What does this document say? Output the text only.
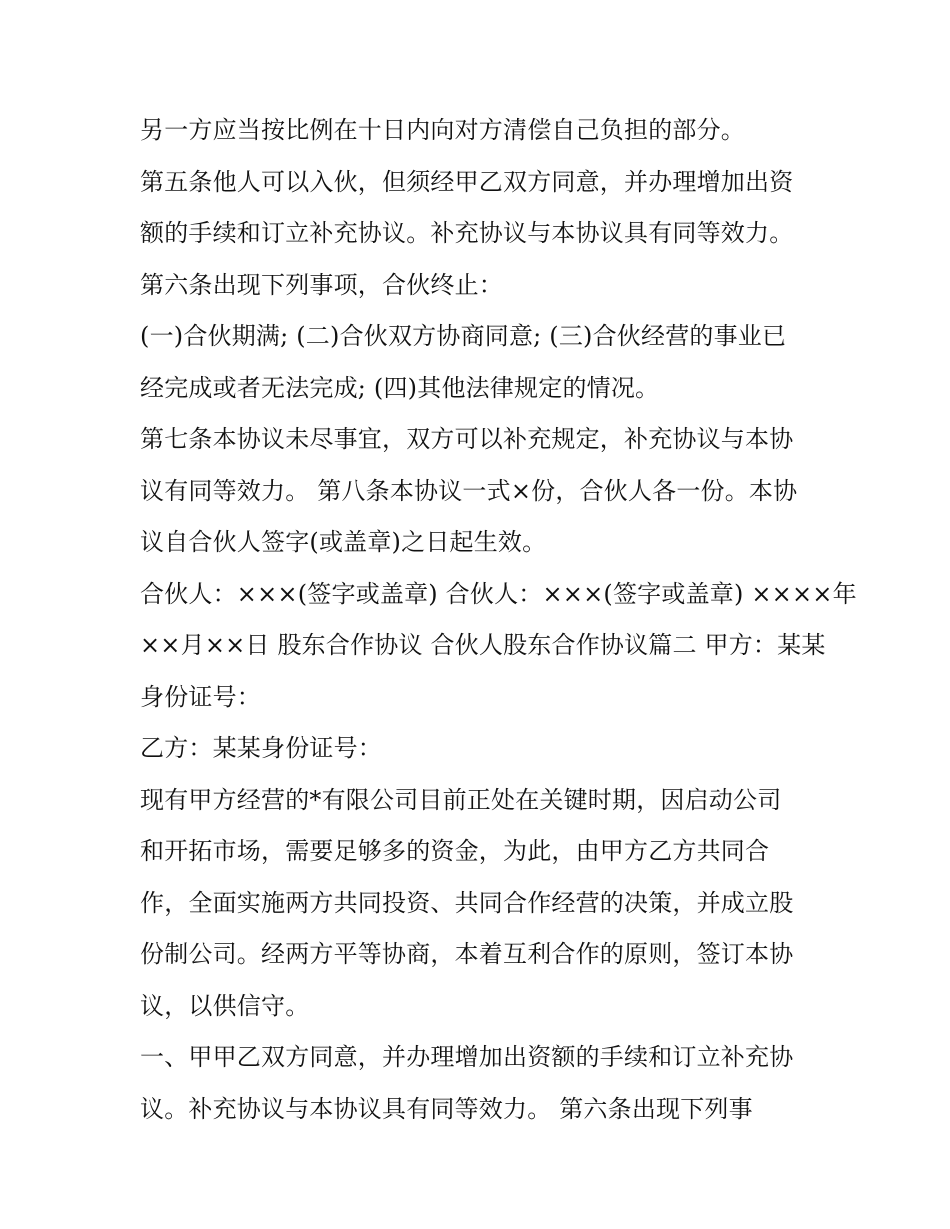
另一方应当按比例在十日内向对方清偿自己负担的部分。
第五条他人可以入伙，但须经甲乙双方同意，并办理增加出资
额的手续和订立补充协议。补充协议与本协议具有同等效力。
第六条出现下列事项，合伙终止：
(一)合伙期满; (二)合伙双方协商同意; (三)合伙经营的事业已
经完成或者无法完成; (四)其他法律规定的情况。
第七条本协议未尽事宜，双方可以补充规定，补充协议与本协
议有同等效力。 第八条本协议一式×份，合伙人各一份。本协
议自合伙人签字(或盖章)之日起生效。
合伙人：×××(签字或盖章) 合伙人：×××(签字或盖章) ××××年
××月××日 股东合作协议 合伙人股东合作协议篇二 甲方：某某
身份证号：
乙方：某某身份证号：
现有甲方经营的*有限公司目前正处在关键时期，因启动公司
和开拓市场，需要足够多的资金，为此，由甲方乙方共同合
作，全面实施两方共同投资、共同合作经营的决策，并成立股
份制公司。经两方平等协商，本着互利合作的原则，签订本协
议，以供信守。
一、甲甲乙双方同意，并办理增加出资额的手续和订立补充协
议。补充协议与本协议具有同等效力。 第六条出现下列事
